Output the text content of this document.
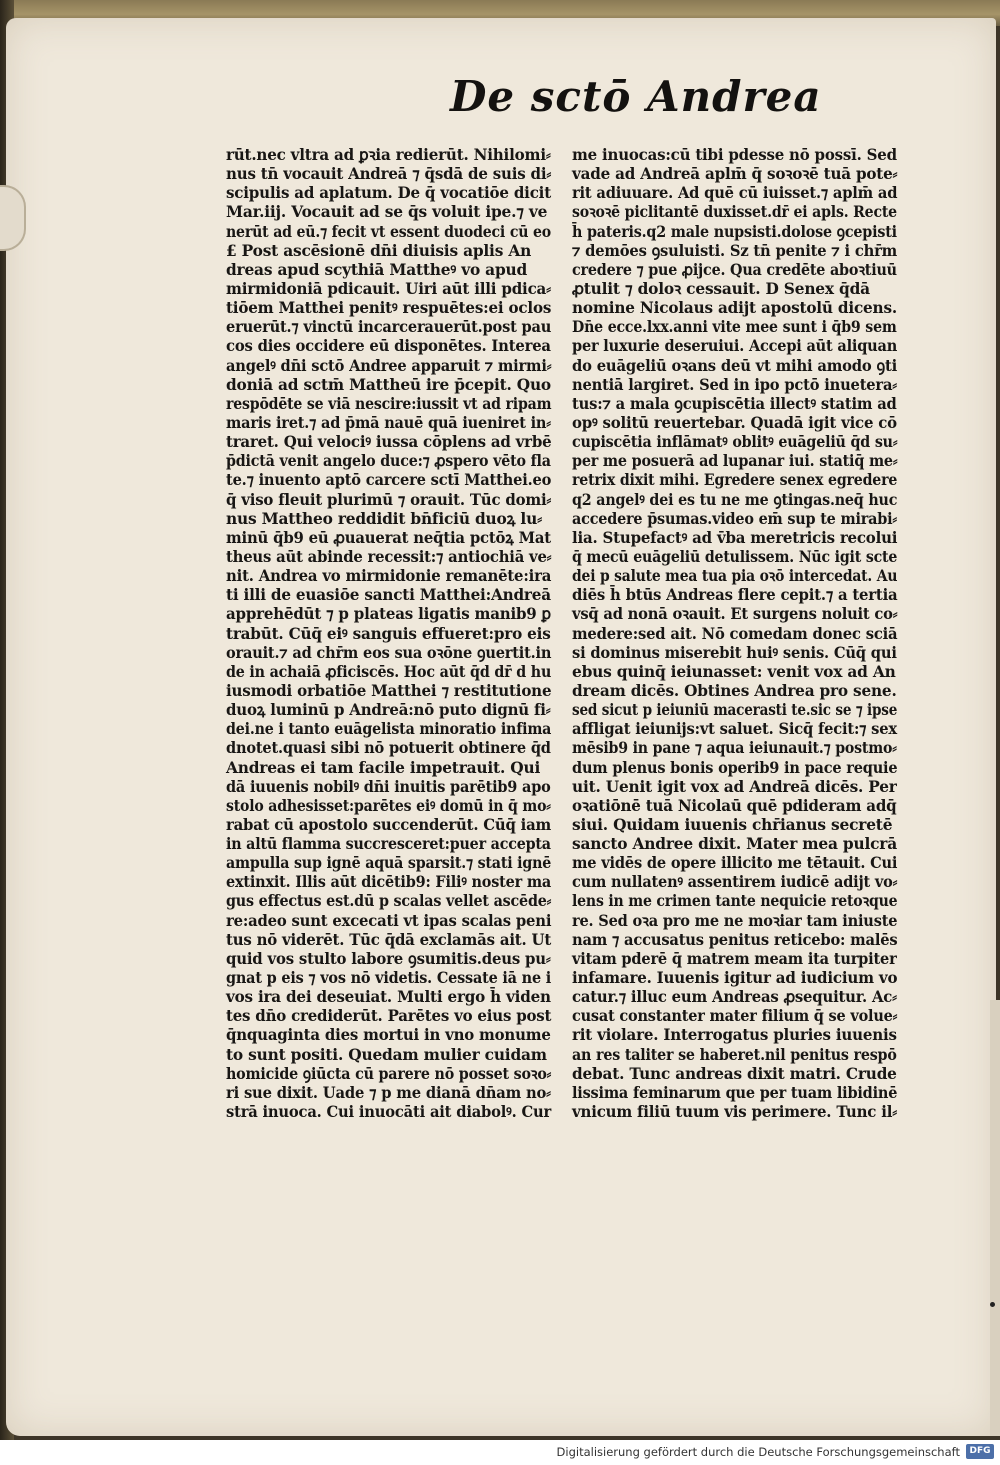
De sctō Andrea
rūt.nec vltra ad ꝑꝛia redierūt. Nihilomi⸗
nus tn̄ vocauit Andreā ⁊ q̄sdā de suis di⸗
scipulis ad aplatum. De q̄ vocatiōe dicit
Mar.iij. Vocauit ad se q̄s voluit ipe.⁊ ve
nerūt ad eū.⁊ fecit vt essent duodeci cū eo
£ Post ascēsionē dn̄i diuisis aplis An
dreas apud scythiā Mattheꝰ vo apud
mirmidoniā pdicauit. Uiri aūt illi pdica⸗
tiōem Matthei penitꝰ respuētes:ei oclos
eruerūt.⁊ vinctū incarcerauerūt.post pau
cos dies occidere eū disponētes. Interea
angelꝰ dn̄i sctō Andree apparuit ⁊ mirmi⸗
doniā ad sctm̄ Mattheū ire p̄cepit. Quo
respōdēte se viā nescire:iussit vt ad ripam
maris iret.⁊ ad p̄mā nauē quā iueniret in⸗
traret. Qui velociꝰ iussa cōplens ad vrbē
p̄dictā venit angelo duce:⁊ ꝓspero vēto fla
te.⁊ inuento aptō carcere sctī Matthei.eo
q̄ viso fleuit plurimū ⁊ orauit. Tūc domi⸗
nus Mattheo reddidit bn̄ficiū duoꝝ lu⸗
minū q̄b9 eū ꝓuauerat neq̄tia pctōꝝ Mat
theus aūt abinde recessit:⁊ antiochiā ve⸗
nit. Andrea vo mirmidonie remanēte:ira
ti illi de euasiōe sancti Matthei:Andreā
apprehēdūt ⁊ p plateas ligatis manib9 ꝑ
trabūt. Cūq̄ eiꝰ sanguis effueret:pro eis
orauit.⁊ ad chr̄m eos sua oꝛōne ꝯuertit.in
de in achaiā ꝓficiscēs. Hoc aūt q̄d dr̄ d hu
iusmodi orbatiōe Matthei ⁊ restitutione
duoꝝ luminū p Andreā:nō puto dignū fi⸗
dei.ne i tanto euāgelista minoratio infima
dnotet.quasi sibi nō potuerit obtinere q̄d
Andreas ei tam facile impetrauit. Qui
dā iuuenis nobilꝰ dn̄i inuitis parētib9 apo
stolo adhesisset:parētes eiꝰ domū in q̄ mo⸗
rabat cū apostolo succenderūt. Cūq̄ iam
in altū flamma succresceret:puer accepta
ampulla sup ignē aquā sparsit.⁊ stati ignē
extinxit. Illis aūt dicētib9: Filiꝰ noster ma
gus effectus est.dū p scalas vellet ascēde⸗
re:adeo sunt excecati vt ipas scalas peni
tus nō viderēt. Tūc q̄dā exclamās ait. Ut
quid vos stulto labore ꝯsumitis.deus pu⸗
gnat p eis ⁊ vos nō videtis. Cessate iā ne i
vos ira dei deseuiat. Multi ergo h̄ viden
tes dn̄o crediderūt. Parētes vo eius post
q̄nquaginta dies mortui in vno monume
to sunt positi. Quedam mulier cuidam
homicide ꝯiūcta cū parere nō posset soꝛo⸗
ri sue dixit. Uade ⁊ p me dianā dn̄am no⸗
strā inuoca. Cui inuocāti ait diabolꝰ. Cur
me inuocas:cū tibi pdesse nō possī. Sed
vade ad Andreā aplm̄ q̄ soꝛoꝛē tuā pote⸗
rit adiuuare. Ad quē cū iuisset.⁊ aplm̄ ad
soꝛoꝛē piclitantē duxisset.dr̄ ei apls. Recte
h̄ pateris.q2 male nupsisti.dolose ꝯcepisti
⁊ demōes ꝯsuluisti. Sz tn̄ penite ⁊ i chr̄m
credere ⁊ pue ꝓijce. Qua credēte aboꝛtiuū
ꝓtulit ⁊ doloꝛ cessauit. D Senex q̄dā
nomine Nicolaus adijt apostolū dicens.
Dn̄e ecce.lxx.anni vite mee sunt i q̄b9 sem
per luxurie deseruiui. Accepi aūt aliquan
do euāgeliū oꝛans deū vt mihi amodo ꝯti
nentiā largiret. Sed in ipo pctō inuetera⸗
tus:⁊ a mala ꝯcupiscētia illectꝰ statim ad
opꝰ solitū reuertebar. Quadā igit vice cō
cupiscētia inflāmatꝰ oblitꝰ euāgeliū q̄d su⸗
per me posuerā ad lupanar iui. statiq̄ me⸗
retrix dixit mihi. Egredere senex egredere
q2 angelꝰ dei es tu ne me ꝯtingas.neq̄ huc
accedere p̄sumas.video em̄ sup te mirabi⸗
lia. Stupefactꝰ ad v̄ba meretricis recolui
q̄ mecū euāgeliū detulissem. Nūc igit scte
dei p salute mea tua pia oꝛō intercedat. Au
diēs h̄ btūs Andreas flere cepit.⁊ a tertia
vsq̄ ad nonā oꝛauit. Et surgens noluit co⸗
medere:sed ait. Nō comedam donec sciā
si dominus miserebit huiꝰ senis. Cūq̄ qui
ebus quinq̄ ieiunasset: venit vox ad An
dream dicēs. Obtines Andrea pro sene.
sed sicut p ieiuniū macerasti te.sic se ⁊ ipse
affligat ieiunijs:vt saluet. Sicq̄ fecit:⁊ sex
mēsib9 in pane ⁊ aqua ieiunauit.⁊ postmo⸗
dum plenus bonis operib9 in pace requie
uit. Uenit igit vox ad Andreā dicēs. Per
oꝛatiōnē tuā Nicolaū quē pdideram adq̄
siui. Quidam iuuenis chr̄ianus secretē
sancto Andree dixit. Mater mea pulcrā
me vidēs de opere illicito me tētauit. Cui
cum nullatenꝰ assentirem iudicē adijt vo⸗
lens in me crimen tante nequicie retoꝛque
re. Sed oꝛa pro me ne moꝛiar tam iniuste
nam ⁊ accusatus penitus reticebo: malēs
vitam pderē q̄ matrem meam ita turpiter
infamare. Iuuenis igitur ad iudicium vo
catur.⁊ illuc eum Andreas ꝓsequitur. Ac⸗
cusat constanter mater filium q̄ se volue⸗
rit violare. Interrogatus pluries iuuenis
an res taliter se haberet.nil penitus respō
debat. Tunc andreas dixit matri. Crude
lissima feminarum que per tuam libidinē
vnicum filiū tuum vis perimere. Tunc il⸗
Digitalisierung gefördert durch die Deutsche Forschungsgemeinschaft	DFG
